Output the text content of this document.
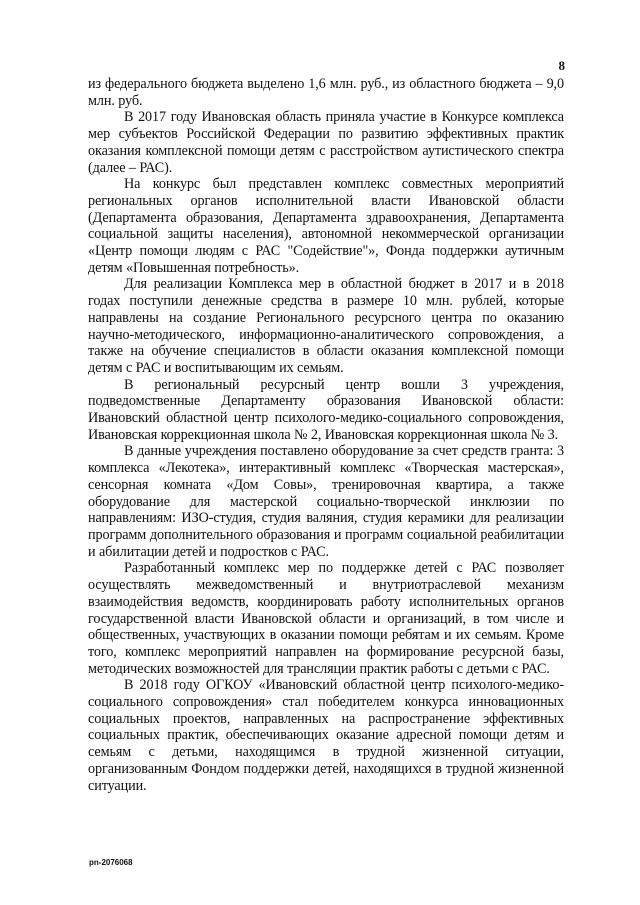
8

из федерального бюджета выделено 1,6 млн. руб., из областного бюджета – 9,0 млн. руб.

В 2017 году Ивановская область приняла участие в Конкурсе комплекса мер субъектов Российской Федерации по развитию эффективных практик оказания комплексной помощи детям с расстройством аутистического спектра (далее – РАС).

На конкурс был представлен комплекс совместных мероприятий региональных органов исполнительной власти Ивановской области (Департамента образования, Департамента здравоохранения, Департамента социальной защиты населения), автономной некоммерческой организации «Центр помощи людям с РАС "Содействие"», Фонда поддержки аутичным детям «Повышенная потребность».

Для реализации Комплекса мер в областной бюджет в 2017 и в 2018 годах поступили денежные средства в размере 10 млн. рублей, которые направлены на создание Регионального ресурсного центра по оказанию научно-методического, информационно-аналитического сопровождения, а также на обучение специалистов в области оказания комплексной помощи детям с РАС и воспитывающим их семьям.

В региональный ресурсный центр вошли 3 учреждения, подведомственные Департаменту образования Ивановской области: Ивановский областной центр психолого-медико-социального сопровождения, Ивановская коррекционная школа № 2, Ивановская коррекционная школа № 3.

В данные учреждения поставлено оборудование за счет средств гранта: 3 комплекса «Лекотека», интерактивный комплекс «Творческая мастерская», сенсорная комната «Дом Совы», тренировочная квартира, а также оборудование для мастерской социально-творческой инклюзии по направлениям: ИЗО-студия, студия валяния, студия керамики для реализации программ дополнительного образования и программ социальной реабилитации и абилитации детей и подростков с РАС.

Разработанный комплекс мер по поддержке детей с РАС позволяет осуществлять межведомственный и внутриотраслевой механизм взаимодействия ведомств, координировать работу исполнительных органов государственной власти Ивановской области и организаций, в том числе и общественных, участвующих в оказании помощи ребятам и их семьям. Кроме того, комплекс мероприятий направлен на формирование ресурсной базы, методических возможностей для трансляции практик работы с детьми с РАС.

В 2018 году ОГКОУ «Ивановский областной центр психолого-медико-социального сопровождения» стал победителем конкурса инновационных социальных проектов, направленных на распространение эффективных социальных практик, обеспечивающих оказание адресной помощи детям и семьям с детьми, находящимся в трудной жизненной ситуации, организованным Фондом поддержки детей, находящихся в трудной жизненной ситуации.

pn-2076068
